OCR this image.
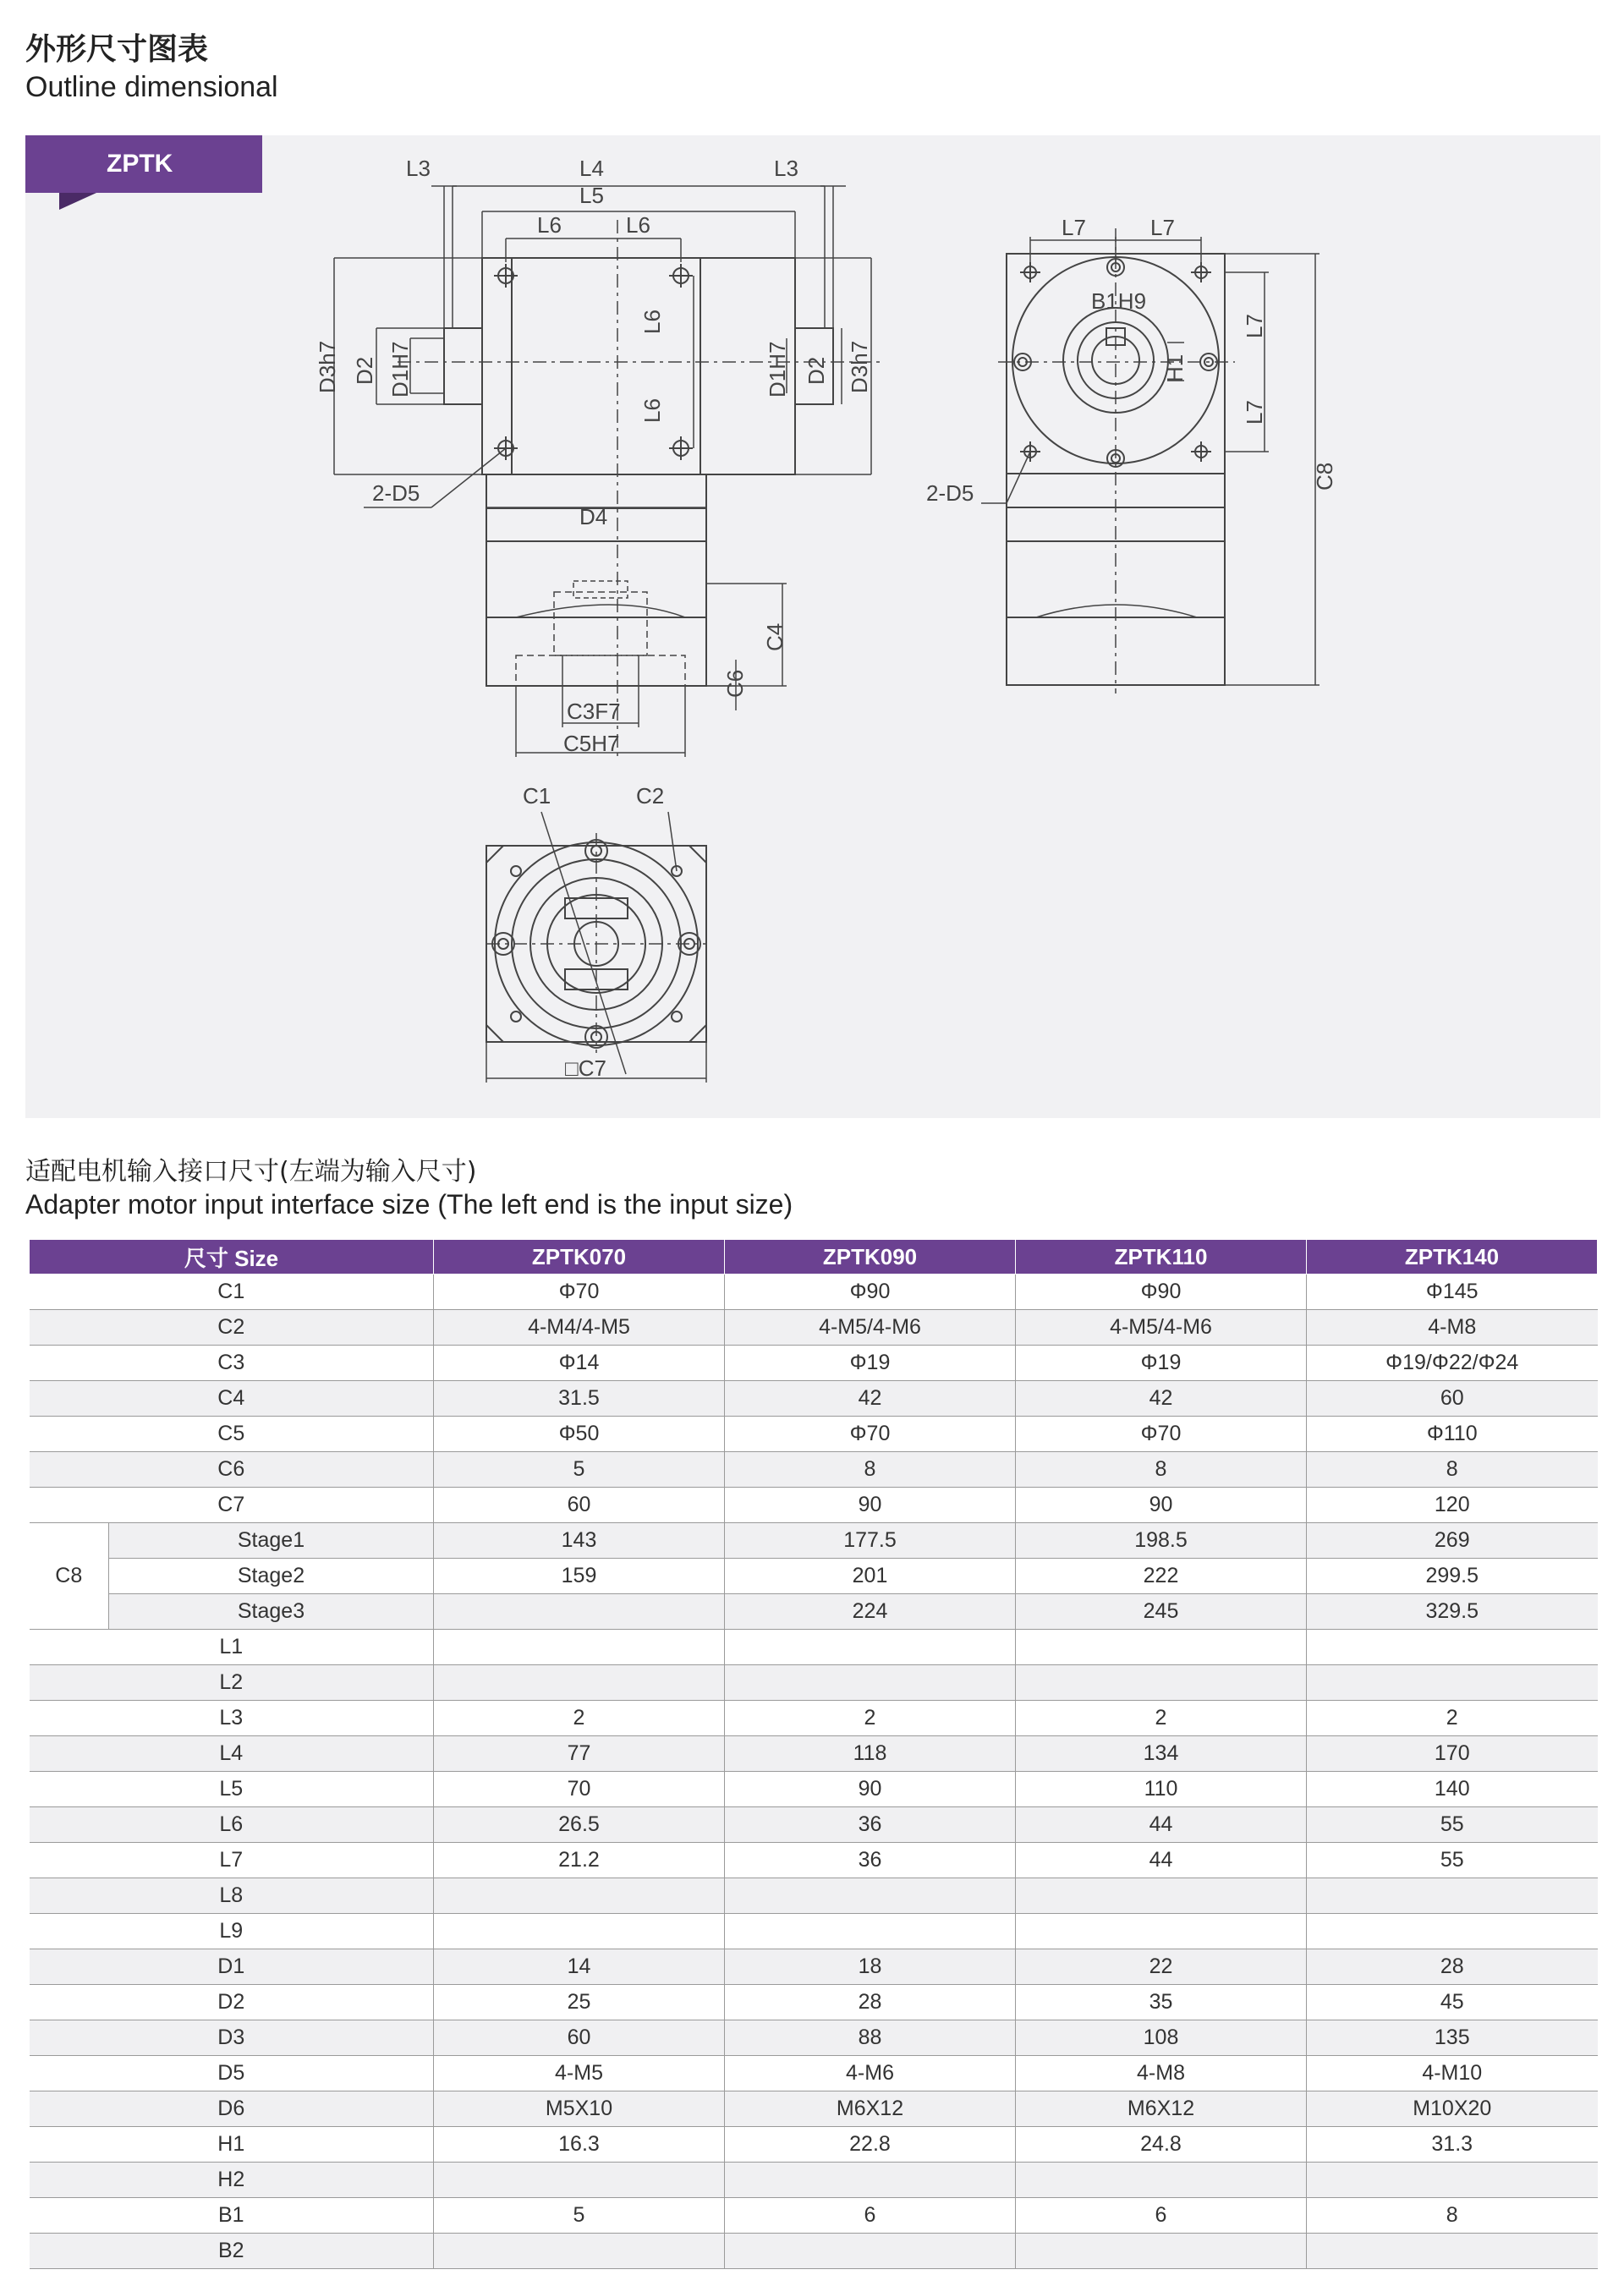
外形尺寸图表
Outline dimensional
ZPTK	L3	L3
L4
L5
L6	L6
D3h7 D2 D1H7	D1H7 D2 D3h7
L6
L6
2-D5
D4
C4
C6
C3F7
C5H7
L7	L7
B1H9
H1
L7
L7
C8
2-D5
C1	C2
□C7
适配电机输入接口尺寸(左端为输入尺寸)
Adapter motor input interface size (The left end is the input size)
尺寸 Size		ZPTK070	ZPTK090	ZPTK110	ZPTK140
C1		Φ70	Φ90	Φ90	Φ145
C2		4-M4/4-M5	4-M5/4-M6	4-M5/4-M6	4-M8
C3		Φ14	Φ19	Φ19	Φ19/Φ22/Φ24
C4		31.5	42	42	60
C5		Φ50	Φ70	Φ70	Φ110
C6		5	8	8	8
C7		60	90	90	120
C8	Stage1	143	177.5	198.5	269
	Stage2	159	201	222	299.5
	Stage3		224	245	329.5
L1					
L2					
L3		2	2	2	2
L4		77	118	134	170
L5		70	90	110	140
L6		26.5	36	44	55
L7		21.2	36	44	55
L8					
L9					
D1		14	18	22	28
D2		25	28	35	45
D3		60	88	108	135
D5		4-M5	4-M6	4-M8	4-M10
D6		M5X10	M6X12	M6X12	M10X20
H1		16.3	22.8	24.8	31.3
H2					
B1		5	6	6	8
B2					
